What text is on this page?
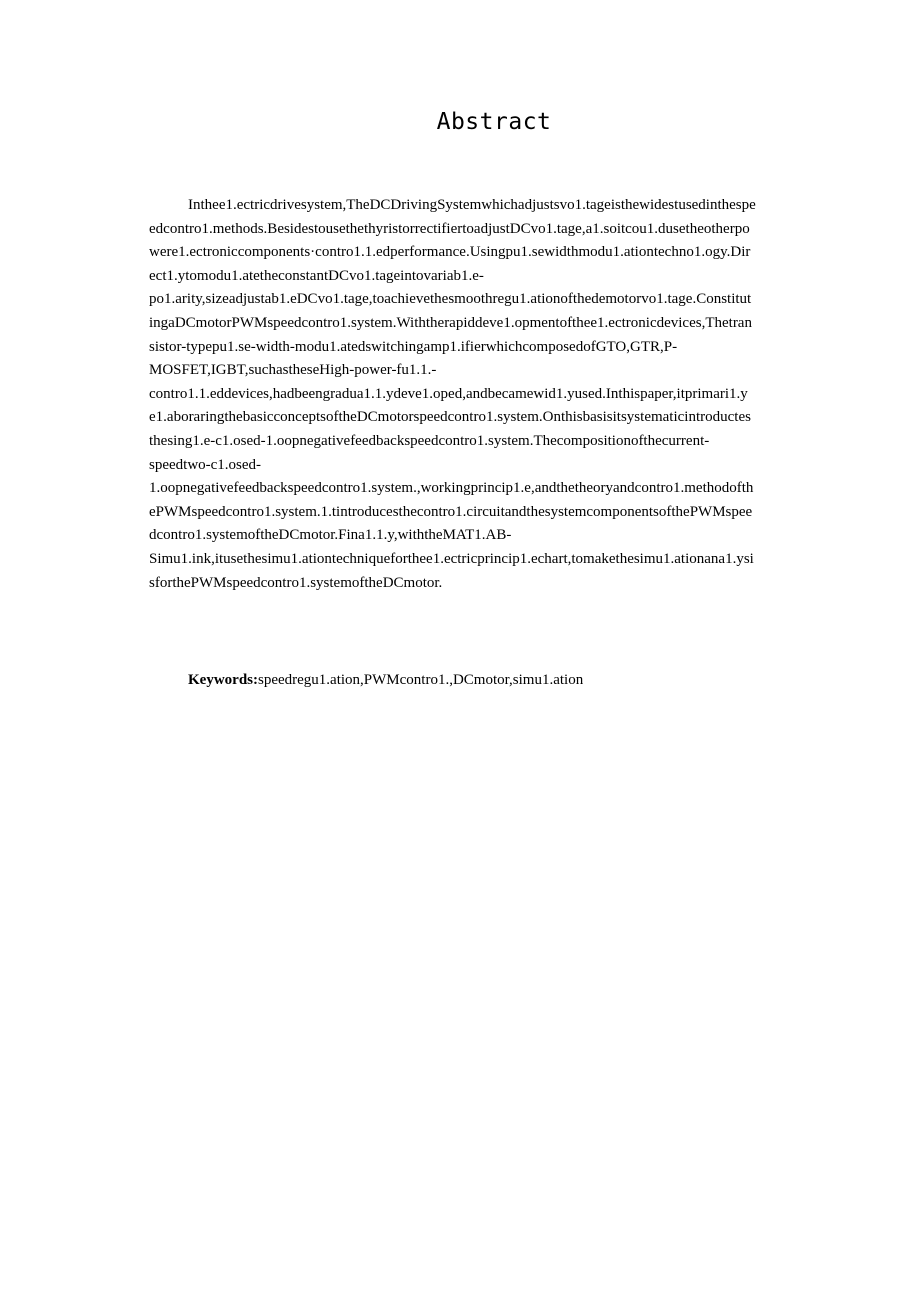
Abstract
Inthee1.ectricdrivesystem,TheDCDrivingSystemwhichadjustsvo1.tageisthewidestusedinthespe
edcontro1.methods.BesidestousethethyristorrectifiertoadjustDCvo1.tage,a1.soitcou1.dusetheotherpo
were1.ectroniccomponents·contro1.1.edperformance.Usingpu1.sewidthmodu1.ationtechno1.ogy.Dir
ect1.ytomodu1.atetheconstantDCvo1.tageintovariab1.e-
po1.arity,sizeadjustab1.eDCvo1.tage,toachievethesmoothregu1.ationofthedemotorvo1.tage.Constitut
ingaDCmotorPWMspeedcontro1.system.Withtherapiddeve1.opmentofthee1.ectronicdevices,Thetran
sistor-typepu1.se-width-modu1.atedswitchingamp1.ifierwhichcomposedofGTO,GTR,P-
MOSFET,IGBT,suchastheseHigh-power-fu1.1.-
contro1.1.eddevices,hadbeengradua1.1.ydeve1.oped,andbecamewid1.yused.Inthispaper,itprimari1.y
e1.aboraringthebasicconceptsoftheDCmotorspeedcontro1.system.Onthisbasisitsystematicintroductes
thesing1.e-c1.osed-1.oopnegativefeedbackspeedcontro1.system.Thecompositionofthecurrent-
speedtwo-c1.osed-
1.oopnegativefeedbackspeedcontro1.system.,workingprincip1.e,andthetheoryandcontro1.methodofth
ePWMspeedcontro1.system.1.tintroducesthecontro1.circuitandthesystemcomponentsofthePWMspee
dcontro1.systemoftheDCmotor.Fina1.1.y,withtheMAT1.AB-
Simu1.ink,itusethesimu1.ationtechniqueforthee1.ectricprincip1.echart,tomakethesimu1.ationana1.ysi
sforthePWMspeedcontro1.systemoftheDCmotor.
Keywords:speedregu1.ation,PWMcontro1.,DCmotor,simu1.ation
